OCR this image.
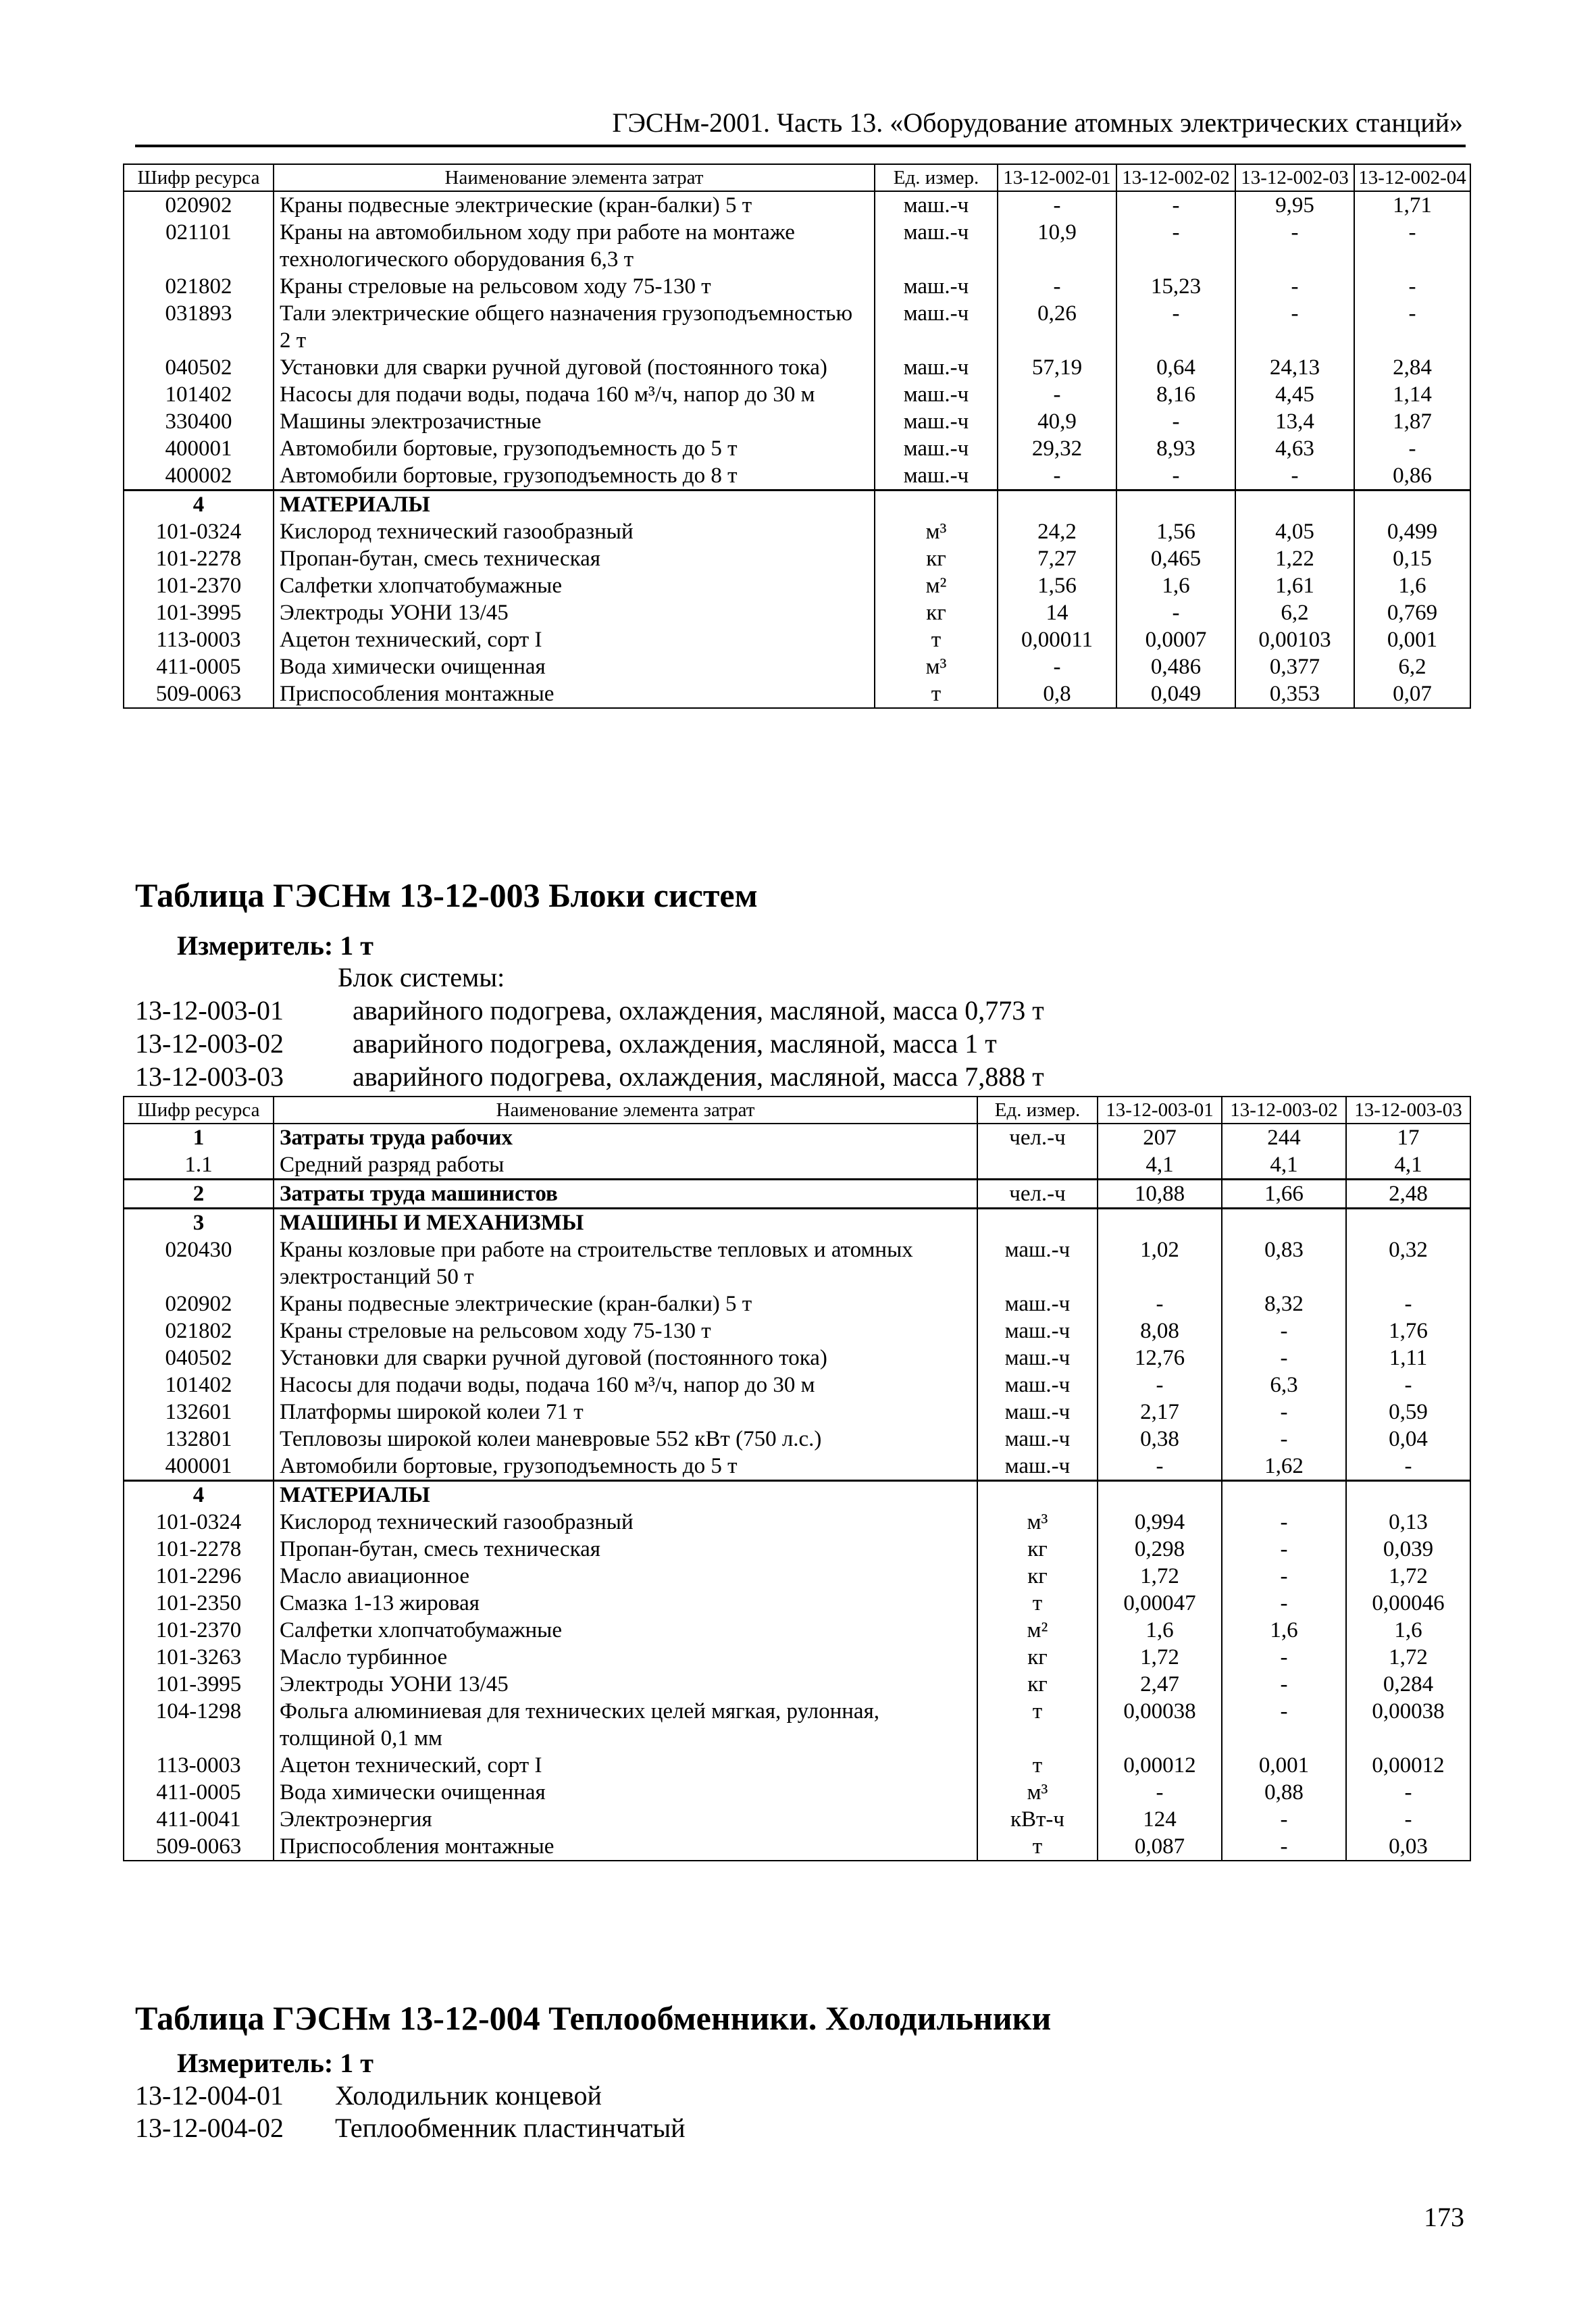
ГЭСНм-2001. Часть 13. «Оборудование атомных электрических станций»
Шифр ресурса	Наименование элемента затрат	Ед. измер.	13-12-002-01	13-12-002-02	13-12-002-03	13-12-002-04
020902	Краны подвесные электрические (кран-балки) 5 т	маш.-ч	-	-	9,95	1,71
021101	Краны на автомобильном ходу при работе на монтаже технологического оборудования 6,3 т	маш.-ч	10,9	-	-	-
021802	Краны стреловые на рельсовом ходу 75-130 т	маш.-ч	-	15,23	-	-
031893	Тали электрические общего назначения грузоподъемностью 2 т	маш.-ч	0,26	-	-	-
040502	Установки для сварки ручной дуговой (постоянного тока)	маш.-ч	57,19	0,64	24,13	2,84
101402	Насосы для подачи воды, подача 160 м³/ч, напор до 30 м	маш.-ч	-	8,16	4,45	1,14
330400	Машины электрозачистные	маш.-ч	40,9	-	13,4	1,87
400001	Автомобили бортовые, грузоподъемность до 5 т	маш.-ч	29,32	8,93	4,63	-
400002	Автомобили бортовые, грузоподъемность до 8 т	маш.-ч	-	-	-	0,86
4	МАТЕРИАЛЫ					
101-0324	Кислород технический газообразный	м³	24,2	1,56	4,05	0,499
101-2278	Пропан-бутан, смесь техническая	кг	7,27	0,465	1,22	0,15
101-2370	Салфетки хлопчатобумажные	м²	1,56	1,6	1,61	1,6
101-3995	Электроды УОНИ 13/45	кг	14	-	6,2	0,769
113-0003	Ацетон технический, сорт I	т	0,00011	0,0007	0,00103	0,001
411-0005	Вода химически очищенная	м³	-	0,486	0,377	6,2
509-0063	Приспособления монтажные	т	0,8	0,049	0,353	0,07
Таблица ГЭСНм 13-12-003 Блоки систем
Измеритель: 1 т
Блок системы:
13-12-003-01	аварийного подогрева, охлаждения, масляной, масса 0,773 т
13-12-003-02	аварийного подогрева, охлаждения, масляной, масса 1 т
13-12-003-03	аварийного подогрева, охлаждения, масляной, масса 7,888 т
Шифр ресурса	Наименование элемента затрат	Ед. измер.	13-12-003-01	13-12-003-02	13-12-003-03
1	Затраты труда рабочих	чел.-ч	207	244	17
1.1	Средний разряд работы		4,1	4,1	4,1
2	Затраты труда машинистов	чел.-ч	10,88	1,66	2,48
3	МАШИНЫ И МЕХАНИЗМЫ				
020430	Краны козловые при работе на строительстве тепловых и атомных электростанций 50 т	маш.-ч	1,02	0,83	0,32
020902	Краны подвесные электрические (кран-балки) 5 т	маш.-ч	-	8,32	-
021802	Краны стреловые на рельсовом ходу 75-130 т	маш.-ч	8,08	-	1,76
040502	Установки для сварки ручной дуговой (постоянного тока)	маш.-ч	12,76	-	1,11
101402	Насосы для подачи воды, подача 160 м³/ч, напор до 30 м	маш.-ч	-	6,3	-
132601	Платформы широкой колеи 71 т	маш.-ч	2,17	-	0,59
132801	Тепловозы широкой колеи маневровые 552 кВт (750 л.с.)	маш.-ч	0,38	-	0,04
400001	Автомобили бортовые, грузоподъемность до 5 т	маш.-ч	-	1,62	-
4	МАТЕРИАЛЫ				
101-0324	Кислород технический газообразный	м³	0,994	-	0,13
101-2278	Пропан-бутан, смесь техническая	кг	0,298	-	0,039
101-2296	Масло авиационное	кг	1,72	-	1,72
101-2350	Смазка 1-13 жировая	т	0,00047	-	0,00046
101-2370	Салфетки хлопчатобумажные	м²	1,6	1,6	1,6
101-3263	Масло турбинное	кг	1,72	-	1,72
101-3995	Электроды УОНИ 13/45	кг	2,47	-	0,284
104-1298	Фольга алюминиевая для технических целей мягкая, рулонная, толщиной 0,1 мм	т	0,00038	-	0,00038
113-0003	Ацетон технический, сорт I	т	0,00012	0,001	0,00012
411-0005	Вода химически очищенная	м³	-	0,88	-
411-0041	Электроэнергия	кВт-ч	124	-	-
509-0063	Приспособления монтажные	т	0,087	-	0,03
Таблица ГЭСНм 13-12-004 Теплообменники. Холодильники
Измеритель: 1 т
13-12-004-01 Холодильник концевой
13-12-004-02 Теплообменник пластинчатый
173
